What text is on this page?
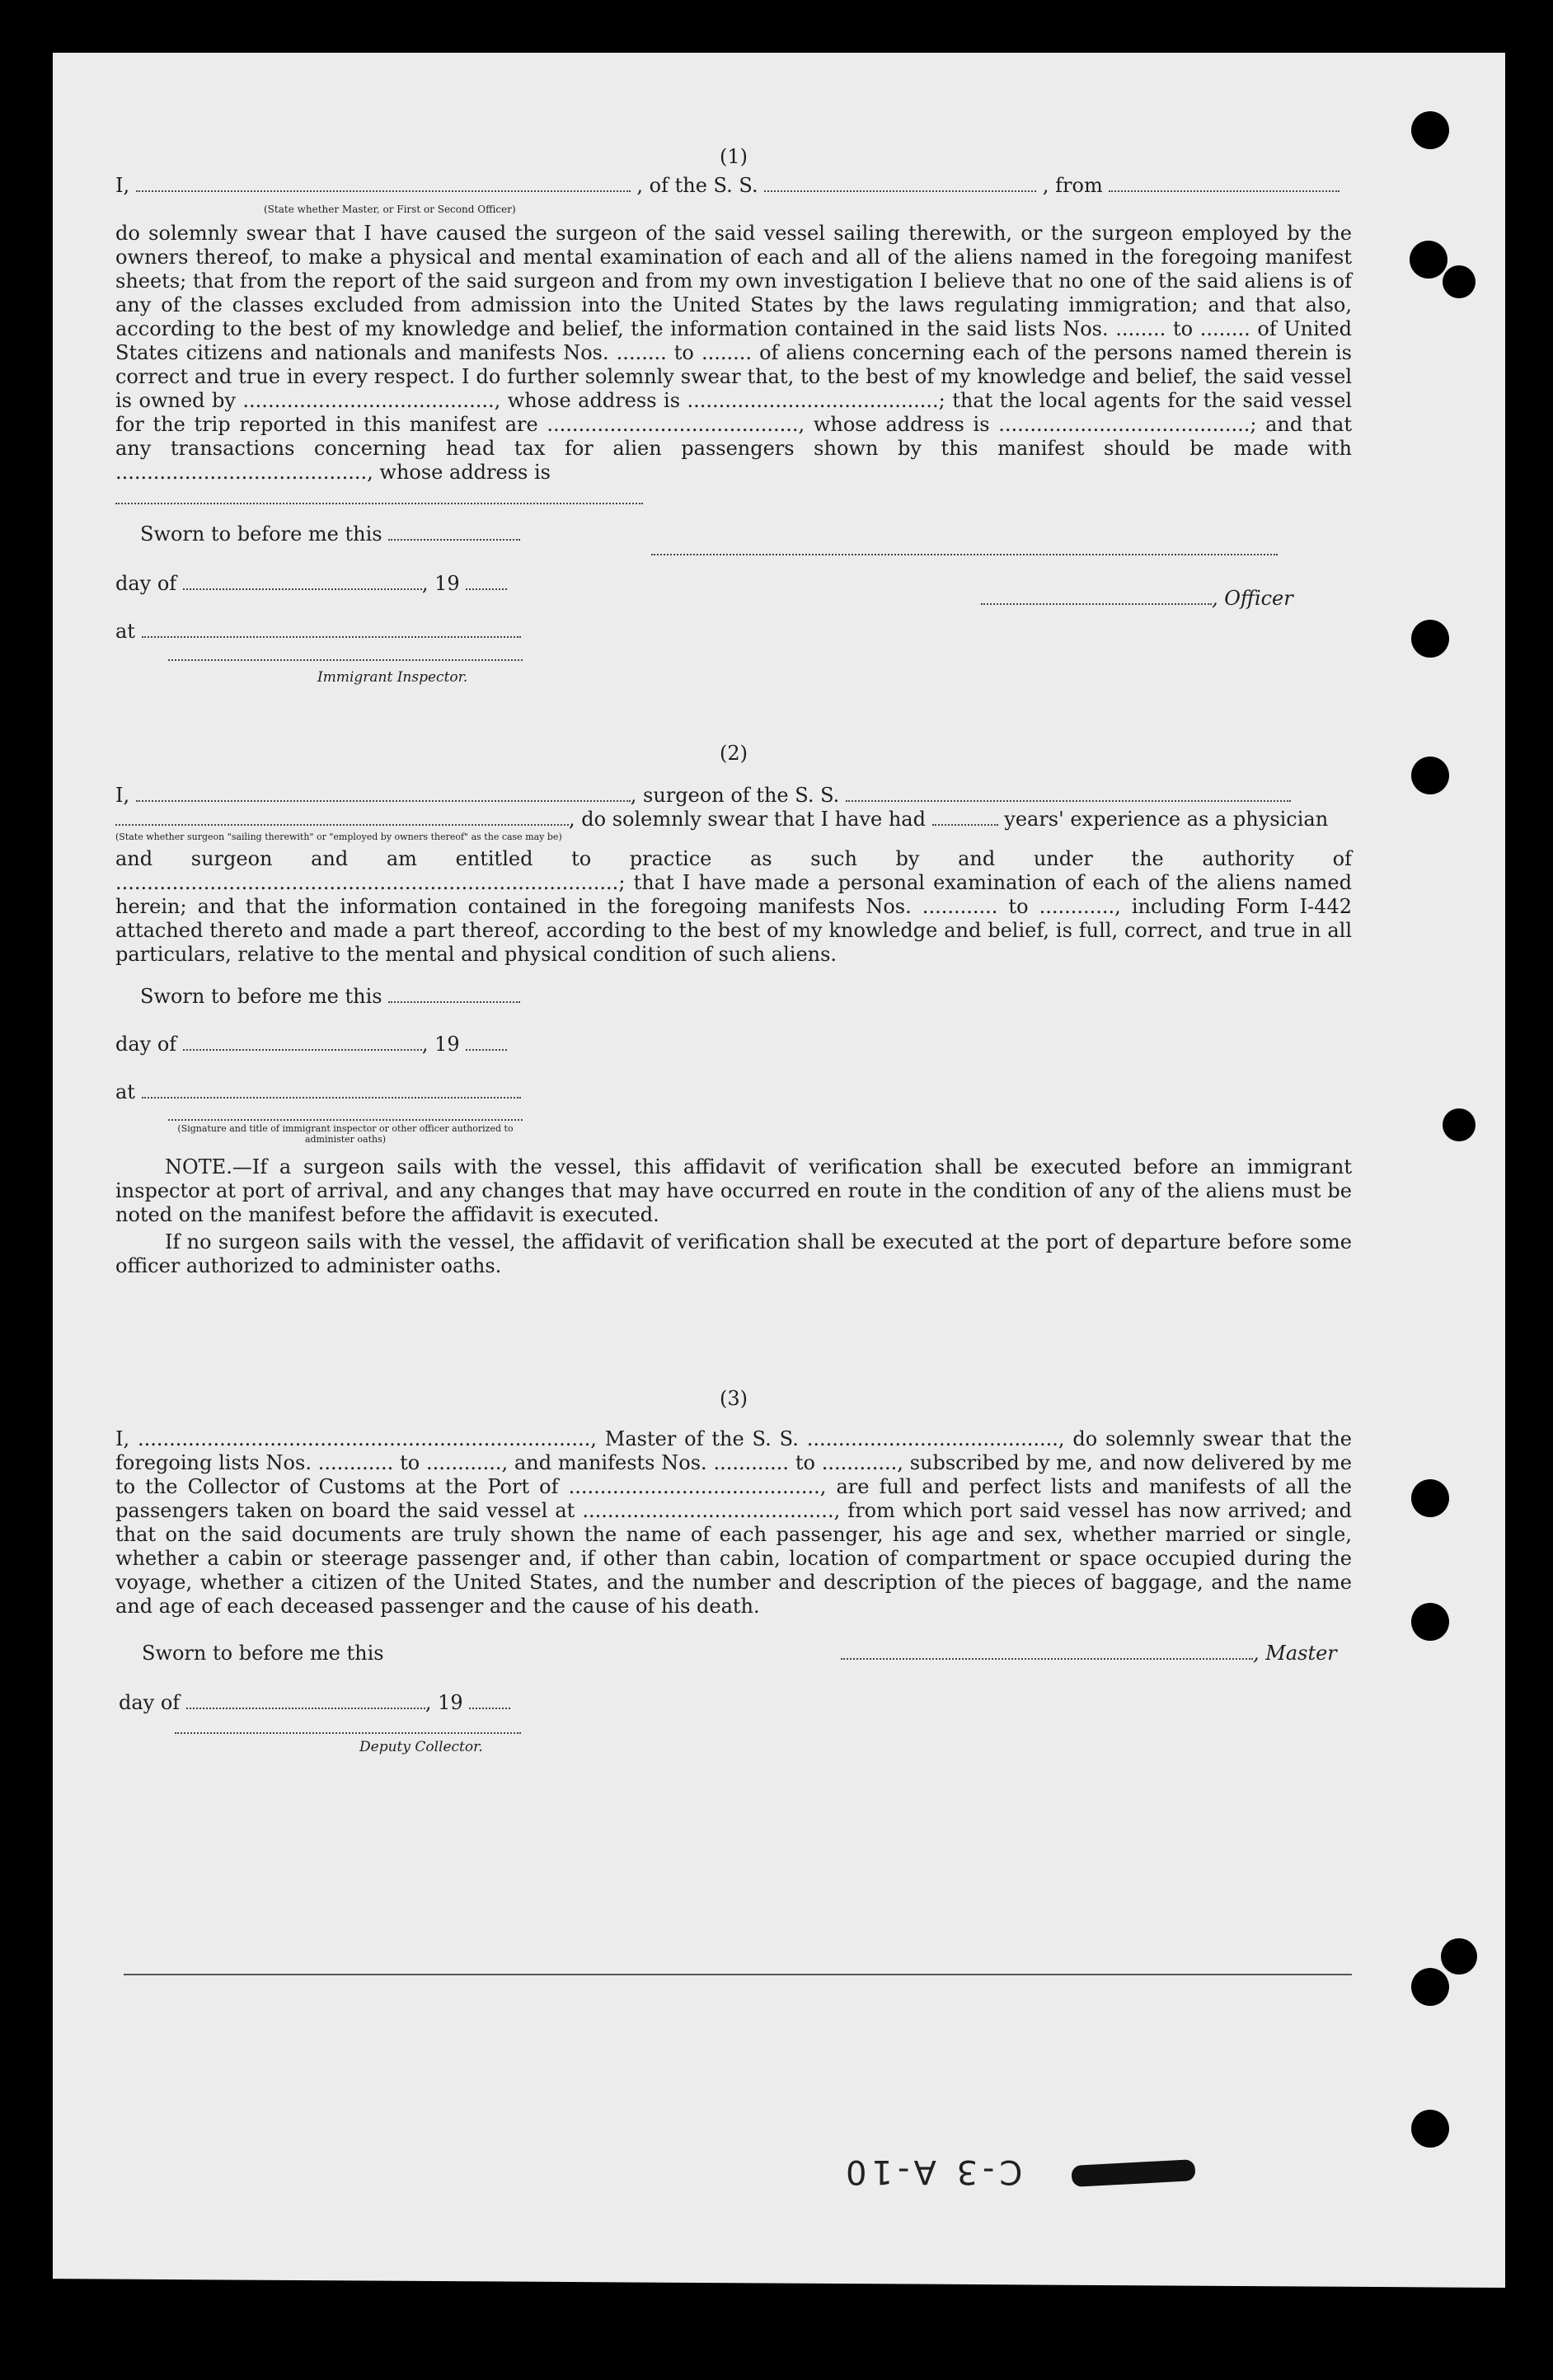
(1)
I,	, of the S. S.	, from
(State whether Master, or First or Second Officer)

do solemnly swear that I have caused the surgeon of the said vessel sailing therewith, or the surgeon employed by the owners thereof, to make a physical and mental examination of each and all of the aliens named in the foregoing manifest sheets; that from the report of the said surgeon and from my own investigation I believe that no one of the said aliens is of any of the classes excluded from admission into the United States by the laws regulating immigration; and that also, according to the best of my knowledge and belief, the information contained in the said lists Nos. ........ to ........ of United States citizens and nationals and manifests Nos. ........ to ........ of aliens concerning each of the persons named therein is correct and true in every respect. I do further solemnly swear that, to the best of my knowledge and belief, the said vessel is owned by ........................................, whose address is ........................................; that the local agents for the said vessel for the trip reported in this manifest are ........................................, whose address is ........................................; and that any transactions concerning head tax for alien passengers shown by this manifest should be made with ........................................, whose address is

Sworn to before me this
day of	, 19
at
, Officer
Immigrant Inspector.
(2)
I,	, surgeon of the S. S.
, do solemnly swear that I have had	years' experience as a physician
(State whether surgeon "sailing therewith" or "employed by owners thereof" as the case may be)

and surgeon and am entitled to practice as such by and under the authority of ................................................................................; that I have made a personal examination of each of the aliens named herein; and that the information contained in the foregoing manifests Nos. ............ to ............, including Form I-442 attached thereto and made a part thereof, according to the best of my knowledge and belief, is full, correct, and true in all particulars, relative to the mental and physical condition of such aliens.

Sworn to before me this
day of	, 19
at
(Signature and title of immigrant inspector or other officer authorized to administer oaths)

NOTE.—If a surgeon sails with the vessel, this affidavit of verification shall be executed before an immigrant inspector at port of arrival, and any changes that may have occurred en route in the condition of any of the aliens must be noted on the manifest before the affidavit is executed.

If no surgeon sails with the vessel, the affidavit of verification shall be executed at the port of departure before some officer authorized to administer oaths.

(3)

I, ........................................................................, Master of the S. S. ........................................, do solemnly swear that the foregoing lists Nos. ............ to ............, and manifests Nos. ............ to ............, subscribed by me, and now delivered by me to the Collector of Customs at the Port of ........................................, are full and perfect lists and manifests of all the passengers taken on board the said vessel at ........................................, from which port said vessel has now arrived; and that on the said documents are truly shown the name of each passenger, his age and sex, whether married or single, whether a cabin or steerage passenger and, if other than cabin, location of compartment or space occupied during the voyage, whether a citizen of the United States, and the number and description of the pieces of baggage, and the name and age of each deceased passenger and the cause of his death.

Sworn to before me this	, Master
day of	, 19
Deputy Collector.
C-3 A-10
